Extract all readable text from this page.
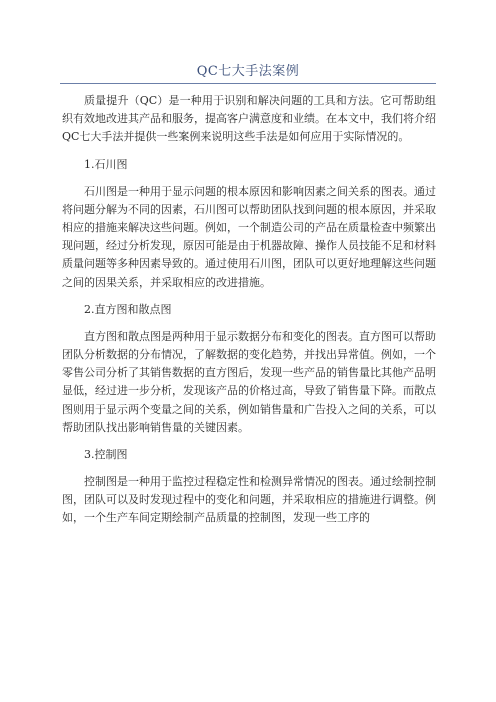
QC七大手法案例

质量提升（QC）是一种用于识别和解决问题的工具和方法。它可帮助组织有效地改进其产品和服务，提高客户满意度和业绩。在本文中，我们将介绍QC七大手法并提供一些案例来说明这些手法是如何应用于实际情况的。

1.石川图

石川图是一种用于显示问题的根本原因和影响因素之间关系的图表。通过将问题分解为不同的因素，石川图可以帮助团队找到问题的根本原因，并采取相应的措施来解决这些问题。例如，一个制造公司的产品在质量检查中频繁出现问题，经过分析发现，原因可能是由于机器故障、操作人员技能不足和材料质量问题等多种因素导致的。通过使用石川图，团队可以更好地理解这些问题之间的因果关系，并采取相应的改进措施。

2.直方图和散点图

直方图和散点图是两种用于显示数据分布和变化的图表。直方图可以帮助团队分析数据的分布情况，了解数据的变化趋势，并找出异常值。例如，一个零售公司分析了其销售数据的直方图后，发现一些产品的销售量比其他产品明显低，经过进一步分析，发现该产品的价格过高，导致了销售量下降。而散点图则用于显示两个变量之间的关系，例如销售量和广告投入之间的关系，可以帮助团队找出影响销售量的关键因素。

3.控制图

控制图是一种用于监控过程稳定性和检测异常情况的图表。通过绘制控制图，团队可以及时发现过程中的变化和问题，并采取相应的措施进行调整。例如，一个生产车间定期绘制产品质量的控制图，发现一些工序的
